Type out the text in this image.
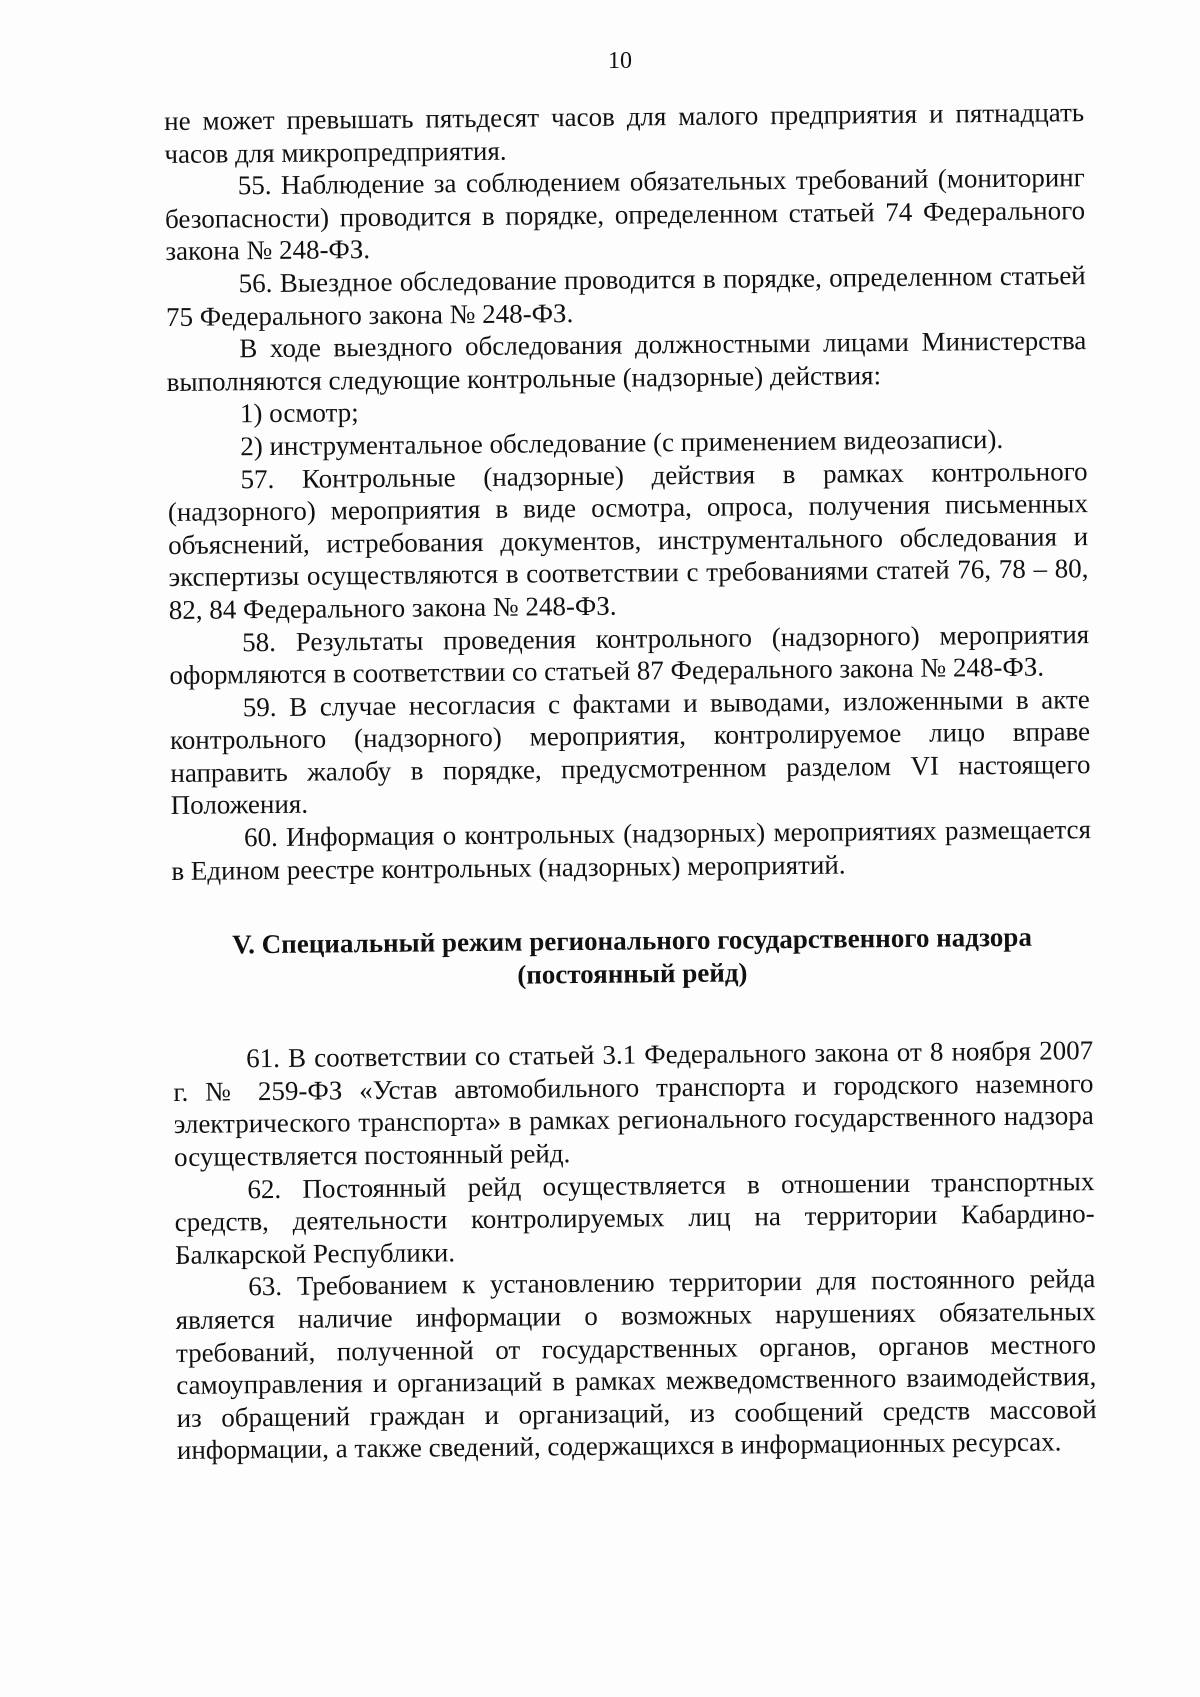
10

не может превышать пятьдесят часов для малого предприятия и пятнадцать часов для микропредприятия.

55. Наблюдение за соблюдением обязательных требований (мониторинг безопасности) проводится в порядке, определенном статьей 74 Федерального закона № 248-ФЗ.

56. Выездное обследование проводится в порядке, определенном статьей 75 Федерального закона № 248-ФЗ.

В ходе выездного обследования должностными лицами Министерства выполняются следующие контрольные (надзорные) действия:

1) осмотр;

2) инструментальное обследование (с применением видеозаписи).

57. Контрольные (надзорные) действия в рамках контрольного (надзорного) мероприятия в виде осмотра, опроса, получения письменных объяснений, истребования документов, инструментального обследования и экспертизы осуществляются в соответствии с требованиями статей 76, 78 – 80, 82, 84 Федерального закона № 248-ФЗ.

58. Результаты проведения контрольного (надзорного) мероприятия оформляются в соответствии со статьей 87 Федерального закона № 248-ФЗ.

59. В случае несогласия с фактами и выводами, изложенными в акте контрольного (надзорного) мероприятия, контролируемое лицо вправе направить жалобу в порядке, предусмотренном разделом VI настоящего Положения.

60. Информация о контрольных (надзорных) мероприятиях размещается в Едином реестре контрольных (надзорных) мероприятий.

V. Специальный режим регионального государственного надзора
(постоянный рейд)

61. В соответствии со статьей 3.1 Федерального закона от 8 ноября 2007 г. № 259-ФЗ «Устав автомобильного транспорта и городского наземного электрического транспорта» в рамках регионального государственного надзора осуществляется постоянный рейд.

62. Постоянный рейд осуществляется в отношении транспортных средств, деятельности контролируемых лиц на территории Кабардино-Балкарской Республики.

63. Требованием к установлению территории для постоянного рейда является наличие информации о возможных нарушениях обязательных требований, полученной от государственных органов, органов местного самоуправления и организаций в рамках межведомственного взаимодействия, из обращений граждан и организаций, из сообщений средств массовой информации, а также сведений, содержащихся в информационных ресурсах.
